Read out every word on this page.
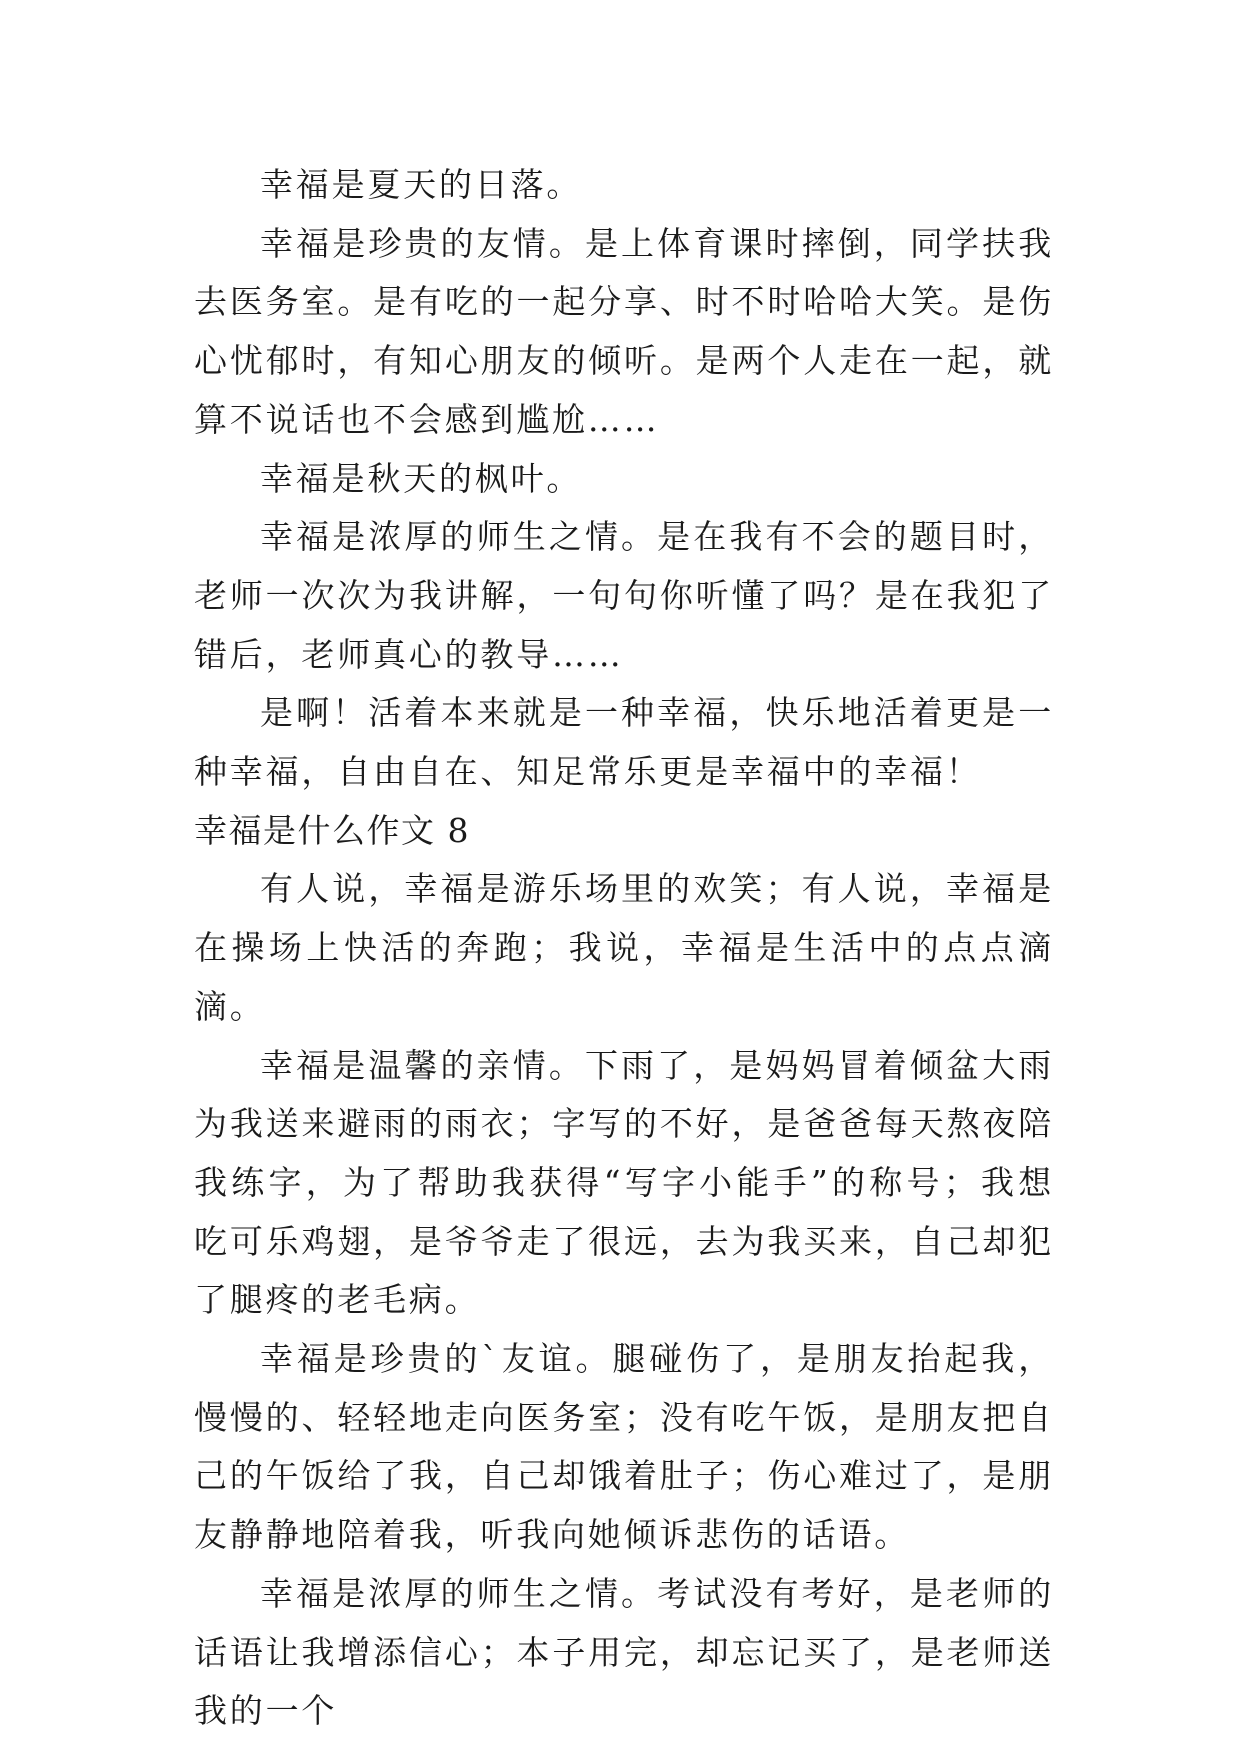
幸福是夏天的日落。

幸福是珍贵的友情。是上体育课时摔倒，同学扶我去医务室。是有吃的一起分享、时不时哈哈大笑。是伤心忧郁时，有知心朋友的倾听。是两个人走在一起，就算不说话也不会感到尴尬……

幸福是秋天的枫叶。

幸福是浓厚的师生之情。是在我有不会的题目时，老师一次次为我讲解，一句句你听懂了吗？是在我犯了错后，老师真心的教导……

是啊！活着本来就是一种幸福，快乐地活着更是一种幸福，自由自在、知足常乐更是幸福中的幸福！

幸福是什么作文 8

有人说，幸福是游乐场里的欢笑；有人说，幸福是在操场上快活的奔跑；我说，幸福是生活中的点点滴滴。

幸福是温馨的亲情。下雨了，是妈妈冒着倾盆大雨为我送来避雨的雨衣；字写的不好，是爸爸每天熬夜陪我练字，为了帮助我获得“写字小能手”的称号；我想吃可乐鸡翅，是爷爷走了很远，去为我买来，自己却犯了腿疼的老毛病。

幸福是珍贵的`友谊。腿碰伤了，是朋友抬起我，慢慢的、轻轻地走向医务室；没有吃午饭，是朋友把自己的午饭给了我，自己却饿着肚子；伤心难过了，是朋友静静地陪着我，听我向她倾诉悲伤的话语。

幸福是浓厚的师生之情。考试没有考好，是老师的话语让我增添信心；本子用完，却忘记买了，是老师送我的一个
